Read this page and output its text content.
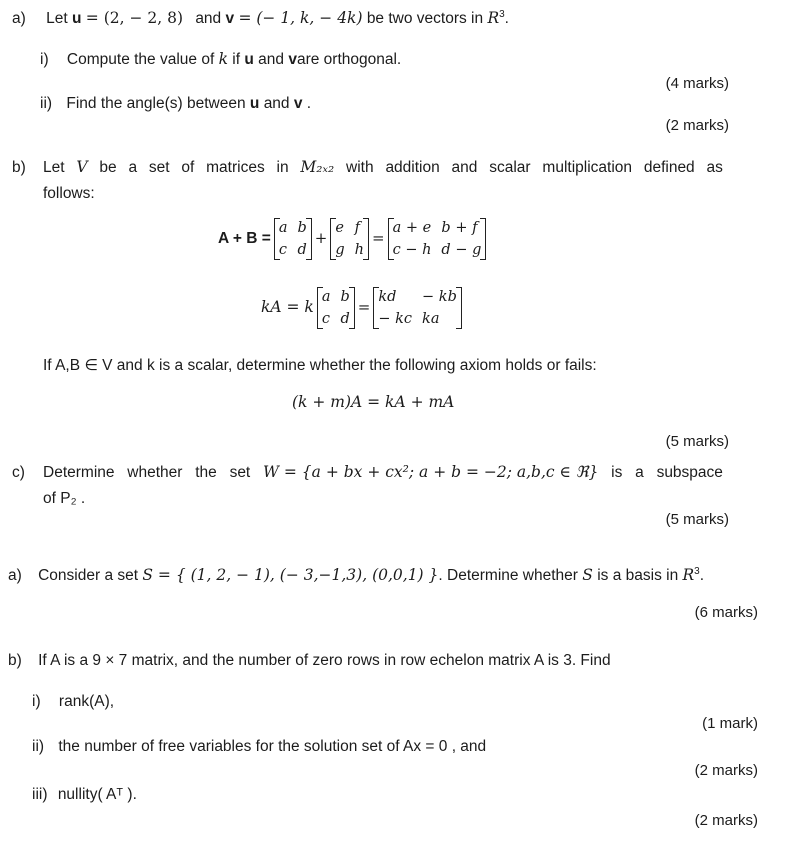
a) Let u = (2, − 2, 8) and v = (− 1, k, − 4k) be two vectors in $R^3$.
i) Compute the value of k if u and vare orthogonal.
(4 marks)
ii) Find the angle(s) between u and v .
(2 marks)
b) Let V be a set of matrices in M₂ₓ₂ with addition and scalar multiplication defined as
follows:
A + B =
a b
c d
+
e f
g h
=
a + e b + f
c − h d − g
kA = k
a b
c d
=
kd	− kb
− kc ka
If A,B ∈ V and k is a scalar, determine whether the following axiom holds or fails:
(k + m)A = kA + mA
(5 marks)
c) Determine whether the set W = {a + bx + cx²; a + b = −2; a,b,c ∈ ℜ} is a subspace
of P₂ .
(5 marks)
a) Consider a set S = { (1, 2, − 1), (− 3,−1,3), (0,0,1) }. Determine whether S is a basis in $R^3$.
(6 marks)
b) If A is a 9 × 7 matrix, and the number of zero rows in row echelon matrix A is 3. Find
i) rank(A),
(1 mark)
ii) the number of free variables for the solution set of Ax = 0 , and
(2 marks)
iii) nullity( Aᵀ ).
(2 marks)
